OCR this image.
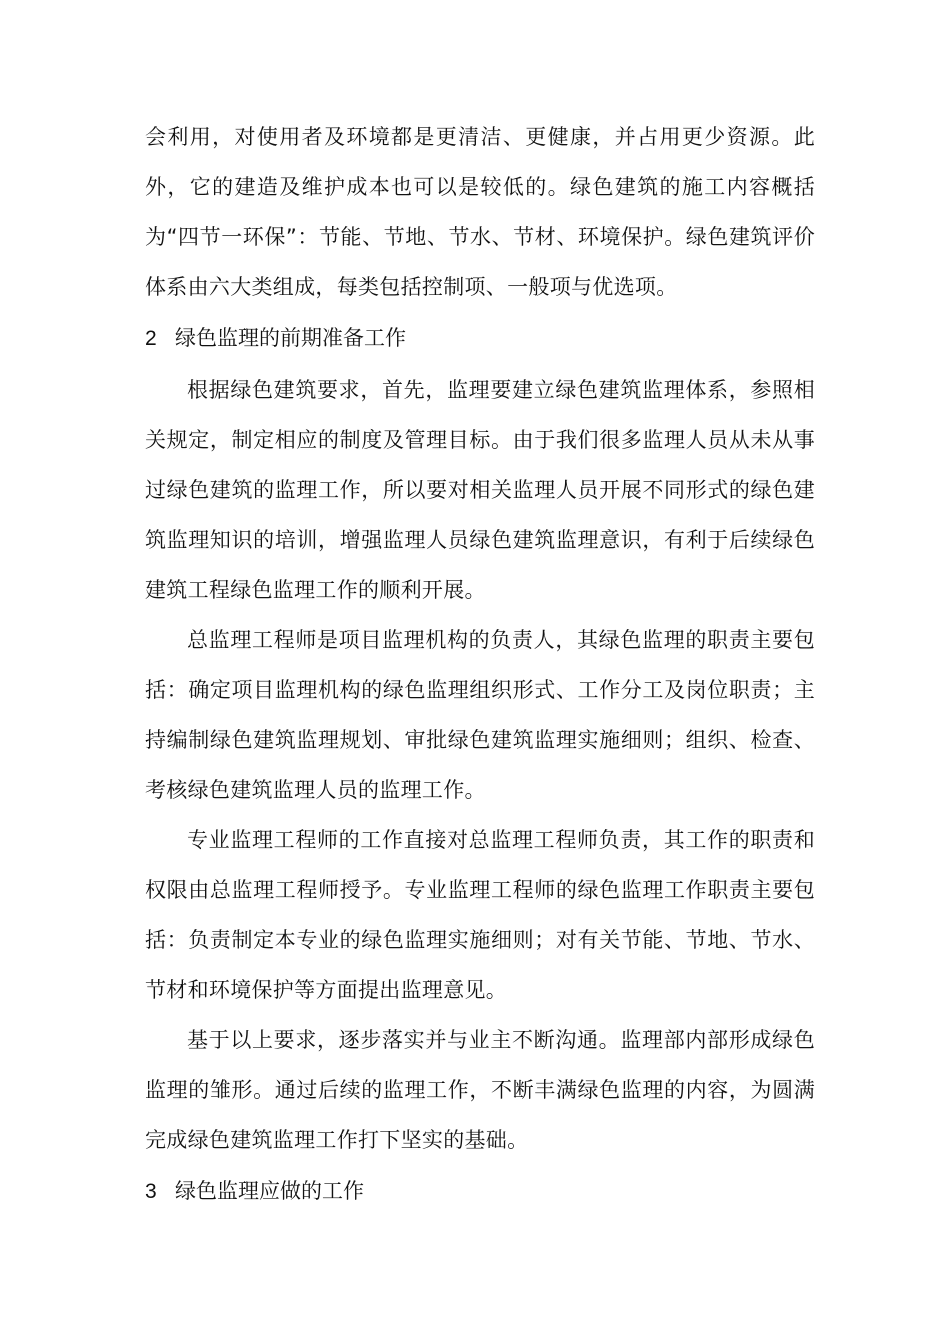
会利用，对使用者及环境都是更清洁、更健康，并占用更少资源。此外，它的建造及维护成本也可以是较低的。绿色建筑的施工内容概括为“四节一环保”：节能、节地、节水、节材、环境保护。绿色建筑评价体系由六大类组成，每类包括控制项、一般项与优选项。

2 绿色监理的前期准备工作

根据绿色建筑要求，首先，监理要建立绿色建筑监理体系，参照相关规定，制定相应的制度及管理目标。由于我们很多监理人员从未从事过绿色建筑的监理工作，所以要对相关监理人员开展不同形式的绿色建筑监理知识的培训，增强监理人员绿色建筑监理意识，有利于后续绿色建筑工程绿色监理工作的顺利开展。

总监理工程师是项目监理机构的负责人，其绿色监理的职责主要包括：确定项目监理机构的绿色监理组织形式、工作分工及岗位职责；主持编制绿色建筑监理规划、审批绿色建筑监理实施细则；组织、检查、考核绿色建筑监理人员的监理工作。

专业监理工程师的工作直接对总监理工程师负责，其工作的职责和权限由总监理工程师授予。专业监理工程师的绿色监理工作职责主要包括：负责制定本专业的绿色监理实施细则；对有关节能、节地、节水、节材和环境保护等方面提出监理意见。

基于以上要求，逐步落实并与业主不断沟通。监理部内部形成绿色监理的雏形。通过后续的监理工作，不断丰满绿色监理的内容，为圆满完成绿色建筑监理工作打下坚实的基础。

3 绿色监理应做的工作
